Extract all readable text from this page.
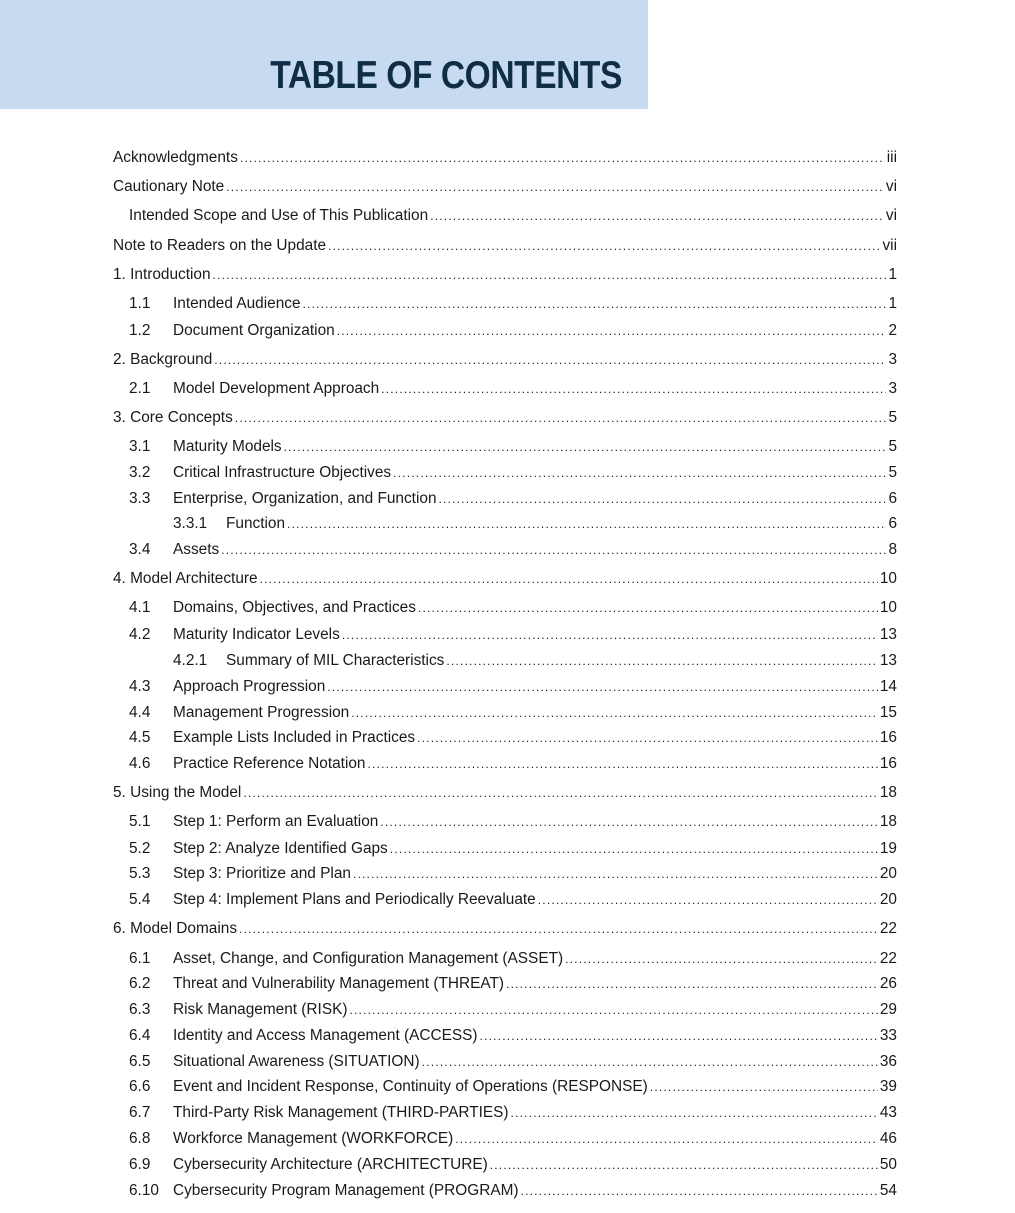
TABLE OF CONTENTS
Acknowledgments .....	iii
Cautionary Note .....	vi
Intended Scope and Use of This Publication .....	vi
Note to Readers on the Update .....	vii
1. Introduction .....	1
1.1	Intended Audience .....	1
1.2	Document Organization .....	2
2. Background .....	3
2.1	Model Development Approach .....	3
3. Core Concepts .....	5
3.1	Maturity Models .....	5
3.2	Critical Infrastructure Objectives .....	5
3.3	Enterprise, Organization, and Function .....	6
3.3.1	Function .....	6
3.4	Assets .....	8
4. Model Architecture .....	10
4.1	Domains, Objectives, and Practices .....	10
4.2	Maturity Indicator Levels .....	13
4.2.1	Summary of MIL Characteristics .....	13
4.3	Approach Progression .....	14
4.4	Management Progression .....	15
4.5	Example Lists Included in Practices .....	16
4.6	Practice Reference Notation .....	16
5. Using the Model .....	18
5.1	Step 1: Perform an Evaluation .....	18
5.2	Step 2: Analyze Identified Gaps .....	19
5.3	Step 3: Prioritize and Plan .....	20
5.4	Step 4: Implement Plans and Periodically Reevaluate .....	20
6. Model Domains .....	22
6.1	Asset, Change, and Configuration Management (ASSET) .....	22
6.2	Threat and Vulnerability Management (THREAT) .....	26
6.3	Risk Management (RISK) .....	29
6.4	Identity and Access Management (ACCESS) .....	33
6.5	Situational Awareness (SITUATION) .....	36
6.6	Event and Incident Response, Continuity of Operations (RESPONSE) .....	39
6.7	Third-Party Risk Management (THIRD-PARTIES) .....	43
6.8	Workforce Management (WORKFORCE) .....	46
6.9	Cybersecurity Architecture (ARCHITECTURE) .....	50
6.10 Cybersecurity Program Management (PROGRAM) .....	54
